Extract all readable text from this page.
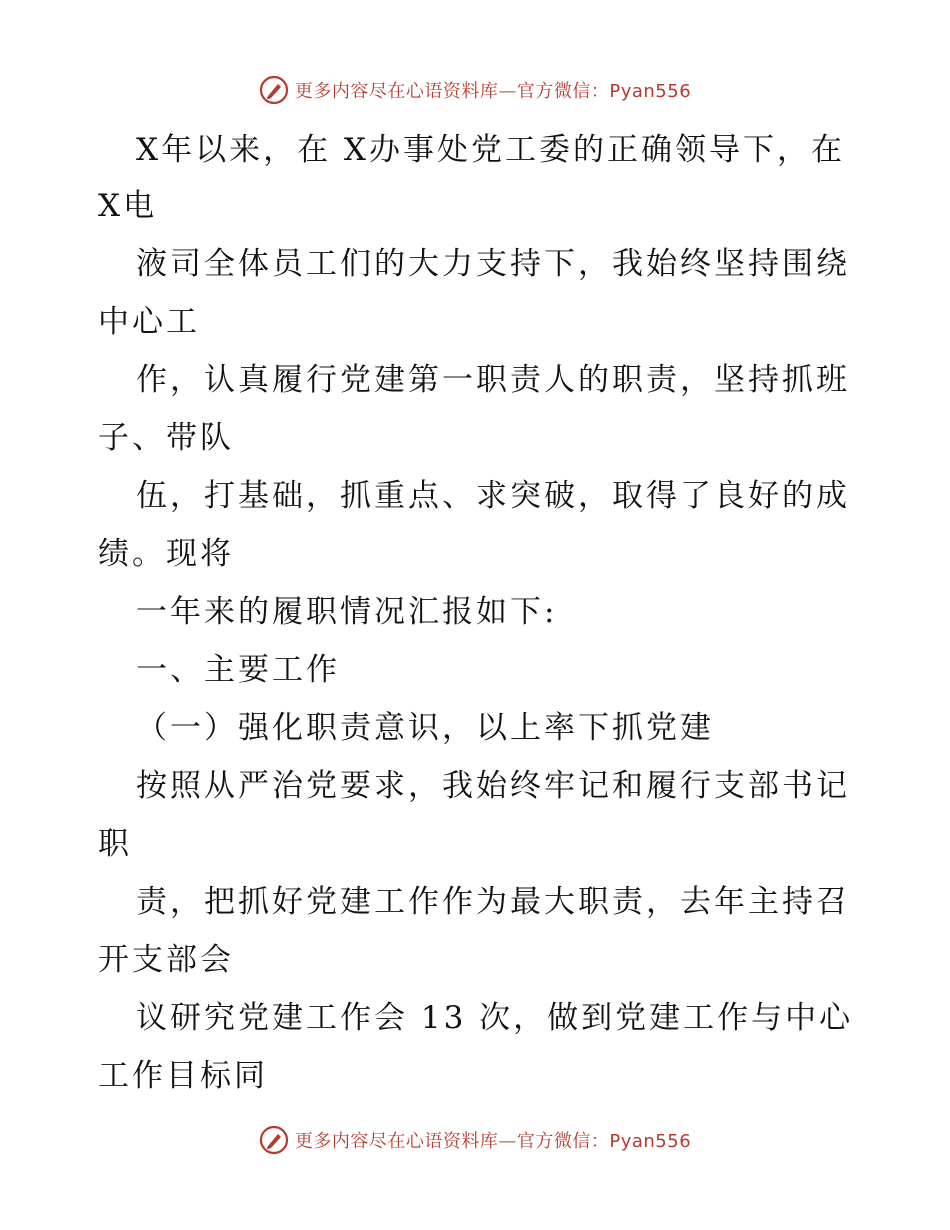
更多内容尽在心语资料库—官方微信：Pyan556
X年以来，在 X办事处党工委的正确领导下，在
X电
液司全体员工们的大力支持下，我始终坚持围绕
中心工
作，认真履行党建第一职责人的职责，坚持抓班
子、带队
伍，打基础，抓重点、求突破，取得了良好的成
绩。现将
一年来的履职情况汇报如下:
一、主要工作
（一）强化职责意识，以上率下抓党建
按照从严治党要求，我始终牢记和履行支部书记
职
责，把抓好党建工作作为最大职责，去年主持召
开支部会
议研究党建工作会 13 次，做到党建工作与中心
工作目标同
更多内容尽在心语资料库—官方微信：Pyan556
